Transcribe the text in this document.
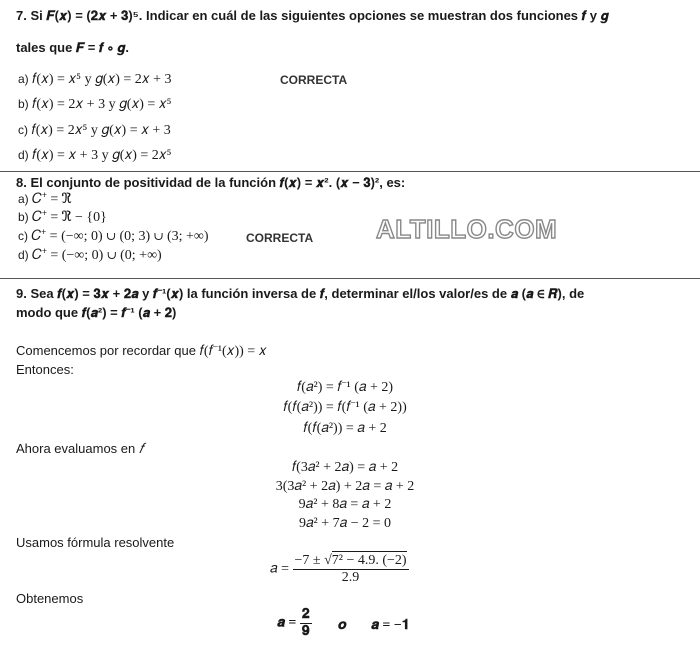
7. Si 𝑭(𝒙) = (𝟐𝒙 + 𝟑)⁵. Indicar en cuál de las siguientes opciones se muestran dos funciones 𝒇 y 𝒈
tales que 𝑭 = 𝒇 ∘ 𝒈.
a) 𝑓(𝑥) = 𝑥⁵ y 𝑔(𝑥) = 2𝑥 + 3	CORRECTA
b) 𝑓(𝑥) = 2𝑥 + 3 y 𝑔(𝑥) = 𝑥⁵
c) 𝑓(𝑥) = 2𝑥⁵ y 𝑔(𝑥) = 𝑥 + 3
d) 𝑓(𝑥) = 𝑥 + 3 y 𝑔(𝑥) = 2𝑥⁵
8. El conjunto de positividad de la función 𝒇(𝒙) = 𝒙². (𝒙 − 𝟑)², es:
a) 𝐶⁺ = ℜ
b) 𝐶⁺ = ℜ − {0}
c) 𝐶⁺ = (−∞; 0) ∪ (0; 3) ∪ (3; +∞)	CORRECTA
d) 𝐶⁺ = (−∞; 0) ∪ (0; +∞)
ALTILLO.COM
9. Sea 𝒇(𝒙) = 𝟑𝒙 + 𝟐𝒂 y 𝒇⁻¹(𝒙) la función inversa de 𝒇, determinar el/los valor/es de 𝒂 (𝒂 ∈ 𝑹), de
modo que 𝒇(𝒂²) = 𝒇⁻¹ (𝒂 + 𝟐)
Comencemos por recordar que 𝑓(𝑓⁻¹(𝑥)) = 𝑥
Entonces:
𝑓(𝑎²) = 𝑓⁻¹ (𝑎 + 2)
𝑓(𝑓(𝑎²)) = 𝑓(𝑓⁻¹ (𝑎 + 2))
𝑓(𝑓(𝑎²)) = 𝑎 + 2
Ahora evaluamos en 𝑓
𝑓(3𝑎² + 2𝑎) = 𝑎 + 2
3(3𝑎² + 2𝑎) + 2𝑎 = 𝑎 + 2
9𝑎² + 8𝑎 = 𝑎 + 2
9𝑎² + 7𝑎 − 2 = 0
Usamos fórmula resolvente
𝑎 = $\frac{\text{−7 ± √7² − 4.9. (−2)}}{2.9}$
Obtenemos
𝒂 = $\frac{𝟐}{𝟗}$ 𝒐 𝒂 = −𝟏
